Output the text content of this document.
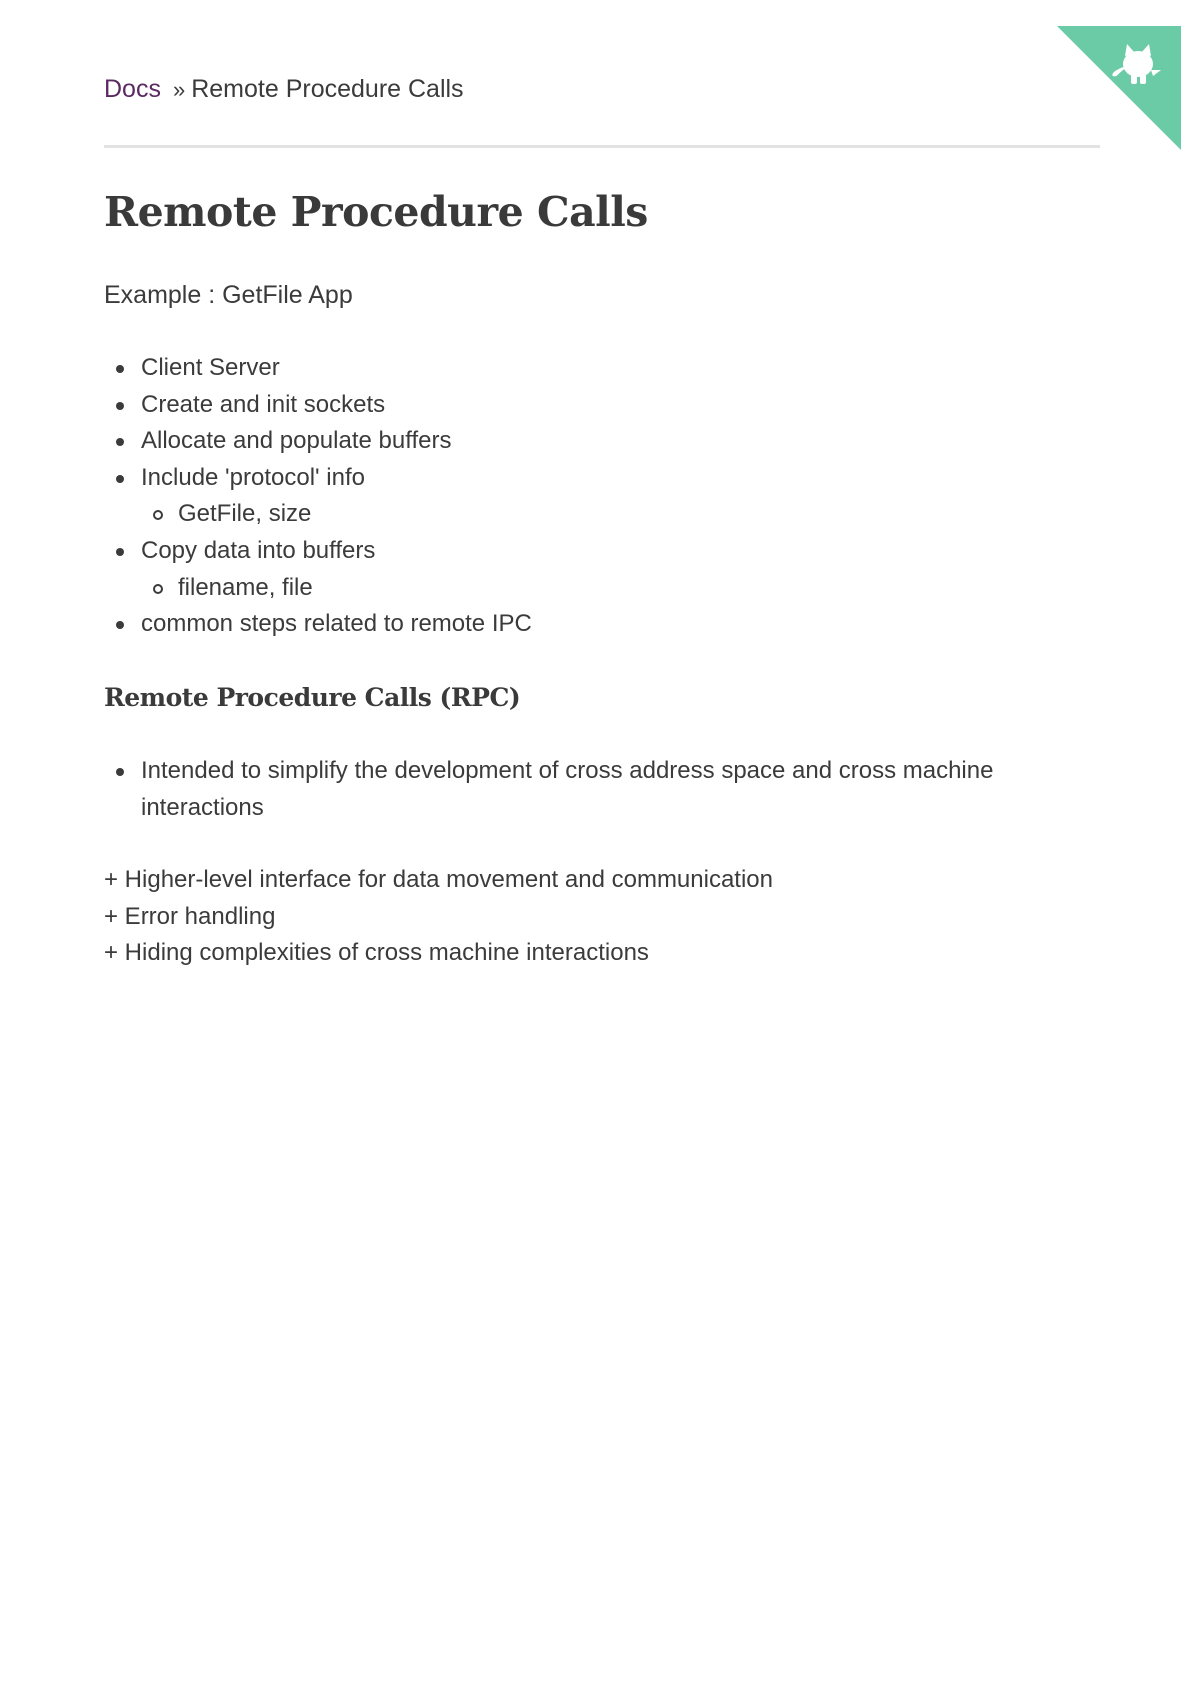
Docs » Remote Procedure Calls
Remote Procedure Calls

Example : GetFile App

Client Server
Create and init sockets
Allocate and populate buffers
Include 'protocol' info
GetFile, size
Copy data into buffers
filename, file
common steps related to remote IPC
Remote Procedure Calls (RPC)
Intended to simplify the development of cross address space and cross machine interactions
+ Higher-level interface for data movement and communication
+ Error handling
+ Hiding complexities of cross machine interactions
